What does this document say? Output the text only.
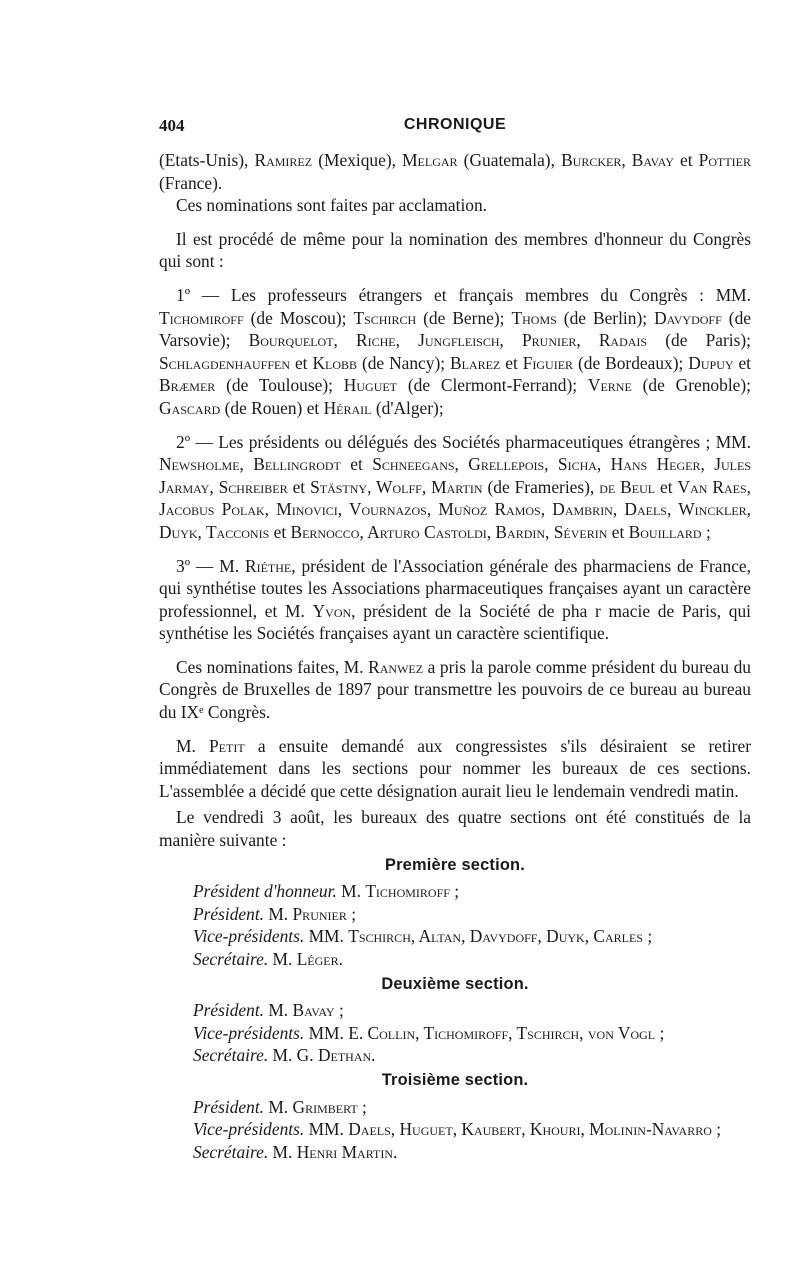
404	CHRONIQUE

(Etats-Unis), Ramirez (Mexique), Melgar (Guatemala), Burcker, Bavay et Pottier (France).

Ces nominations sont faites par acclamation.

Il est procédé de même pour la nomination des membres d'honneur du Congrès qui sont :

1º — Les professeurs étrangers et français membres du Congrès : MM. Tichomiroff (de Moscou); Tschirch (de Berne); Thoms (de Berlin); Davydoff (de Varsovie); Bourquelot, Riche, Jungfleisch, Prunier, Radais (de Paris); Schlagdenhauffen et Klobb (de Nancy); Blarez et Figuier (de Bordeaux); Dupuy et Bræmer (de Toulouse); Huguet (de Clermont-Ferrand); Verne (de Grenoble); Gascard (de Rouen) et Hérail (d'Alger);

2º — Les présidents ou délégués des Sociétés pharmaceutiques étrangères ; MM. Newsholme, Bellingrodt et Schneegans, Grellepois, Sicha, Hans Heger, Jules Jarmay, Schreiber et Stästny, Wolff, Martin (de Frameries), de Beul et Van Raes, Jacobus Polak, Minovici, Vournazos, Muñoz Ramos, Dambrin, Daels, Winckler, Duyk, Tacconis et Bernocco, Arturo Castoldi, Bardin, Séverin et Bouillard ;

3º — M. Riéthe, président de l'Association générale des pharmaciens de France, qui synthétise toutes les Associations pharmaceutiques françaises ayant un caractère professionnel, et M. Yvon, président de la Société de pha r macie de Paris, qui synthétise les Sociétés françaises ayant un caractère scientifique.

Ces nominations faites, M. Ranwez a pris la parole comme président du bureau du Congrès de Bruxelles de 1897 pour transmettre les pouvoirs de ce bureau au bureau du IXᵉ Congrès.

M. Petit a ensuite demandé aux congressistes s'ils désiraient se retirer immédiatement dans les sections pour nommer les bureaux de ces sections. L'assemblée a décidé que cette désignation aurait lieu le lendemain vendredi matin.

Le vendredi 3 août, les bureaux des quatre sections ont été constitués de la manière suivante :

Première section.

Président d'honneur. M. Tichomiroff ;

Président. M. Prunier ;

Vice-présidents. MM. Tschirch, Altan, Davydoff, Duyk, Carles ;

Secrétaire. M. Léger.

Deuxième section.

Président. M. Bavay ;

Vice-présidents. MM. E. Collin, Tichomiroff, Tschirch, von Vogl ;

Secrétaire. M. G. Dethan.

Troisième section.

Président. M. Grimbert ;

Vice-présidents. MM. Daels, Huguet, Kaubert, Khouri, Molinin-Navarro ;

Secrétaire. M. Henri Martin.
